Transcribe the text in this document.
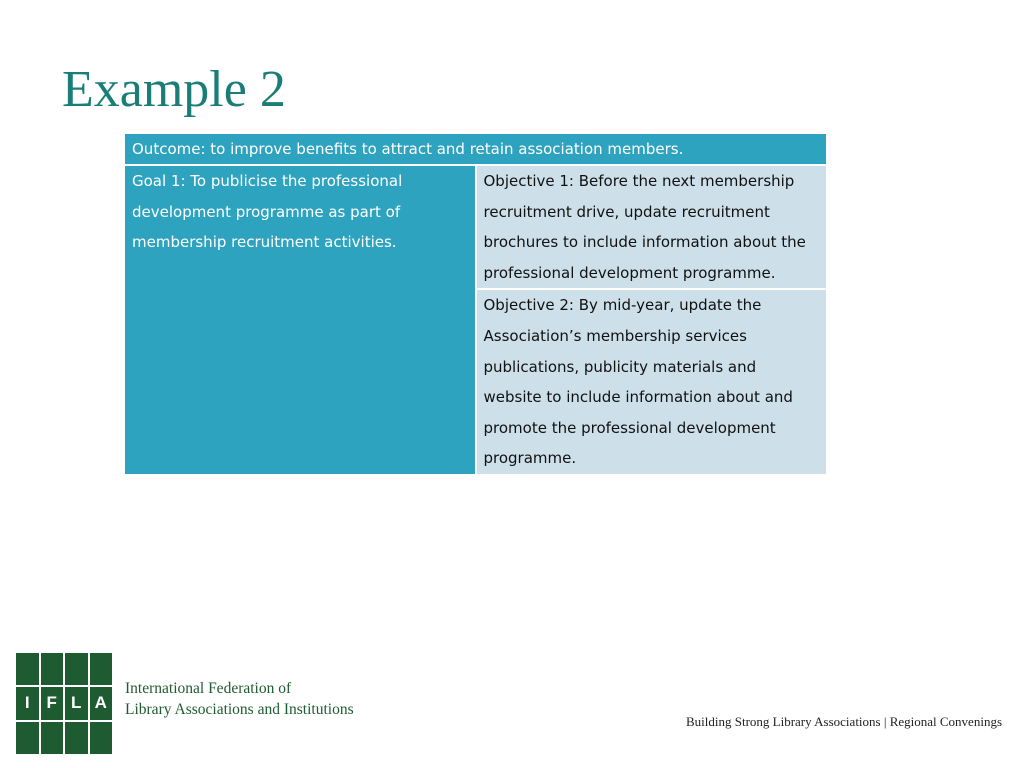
Example 2
Outcome: to improve benefits to attract and retain association members.
Goal 1: To publicise the professional development programme as part of membership recruitment activities.	Objective 1: Before the next membership recruitment drive, update recruitment brochures to include information about the professional development programme.
Objective 2: By mid-year, update the Association’s membership services publications, publicity materials and website to include information about and promote the professional development programme.
I F L A
International Federation of
Library Associations and Institutions
Building Strong Library Associations | Regional Convenings
